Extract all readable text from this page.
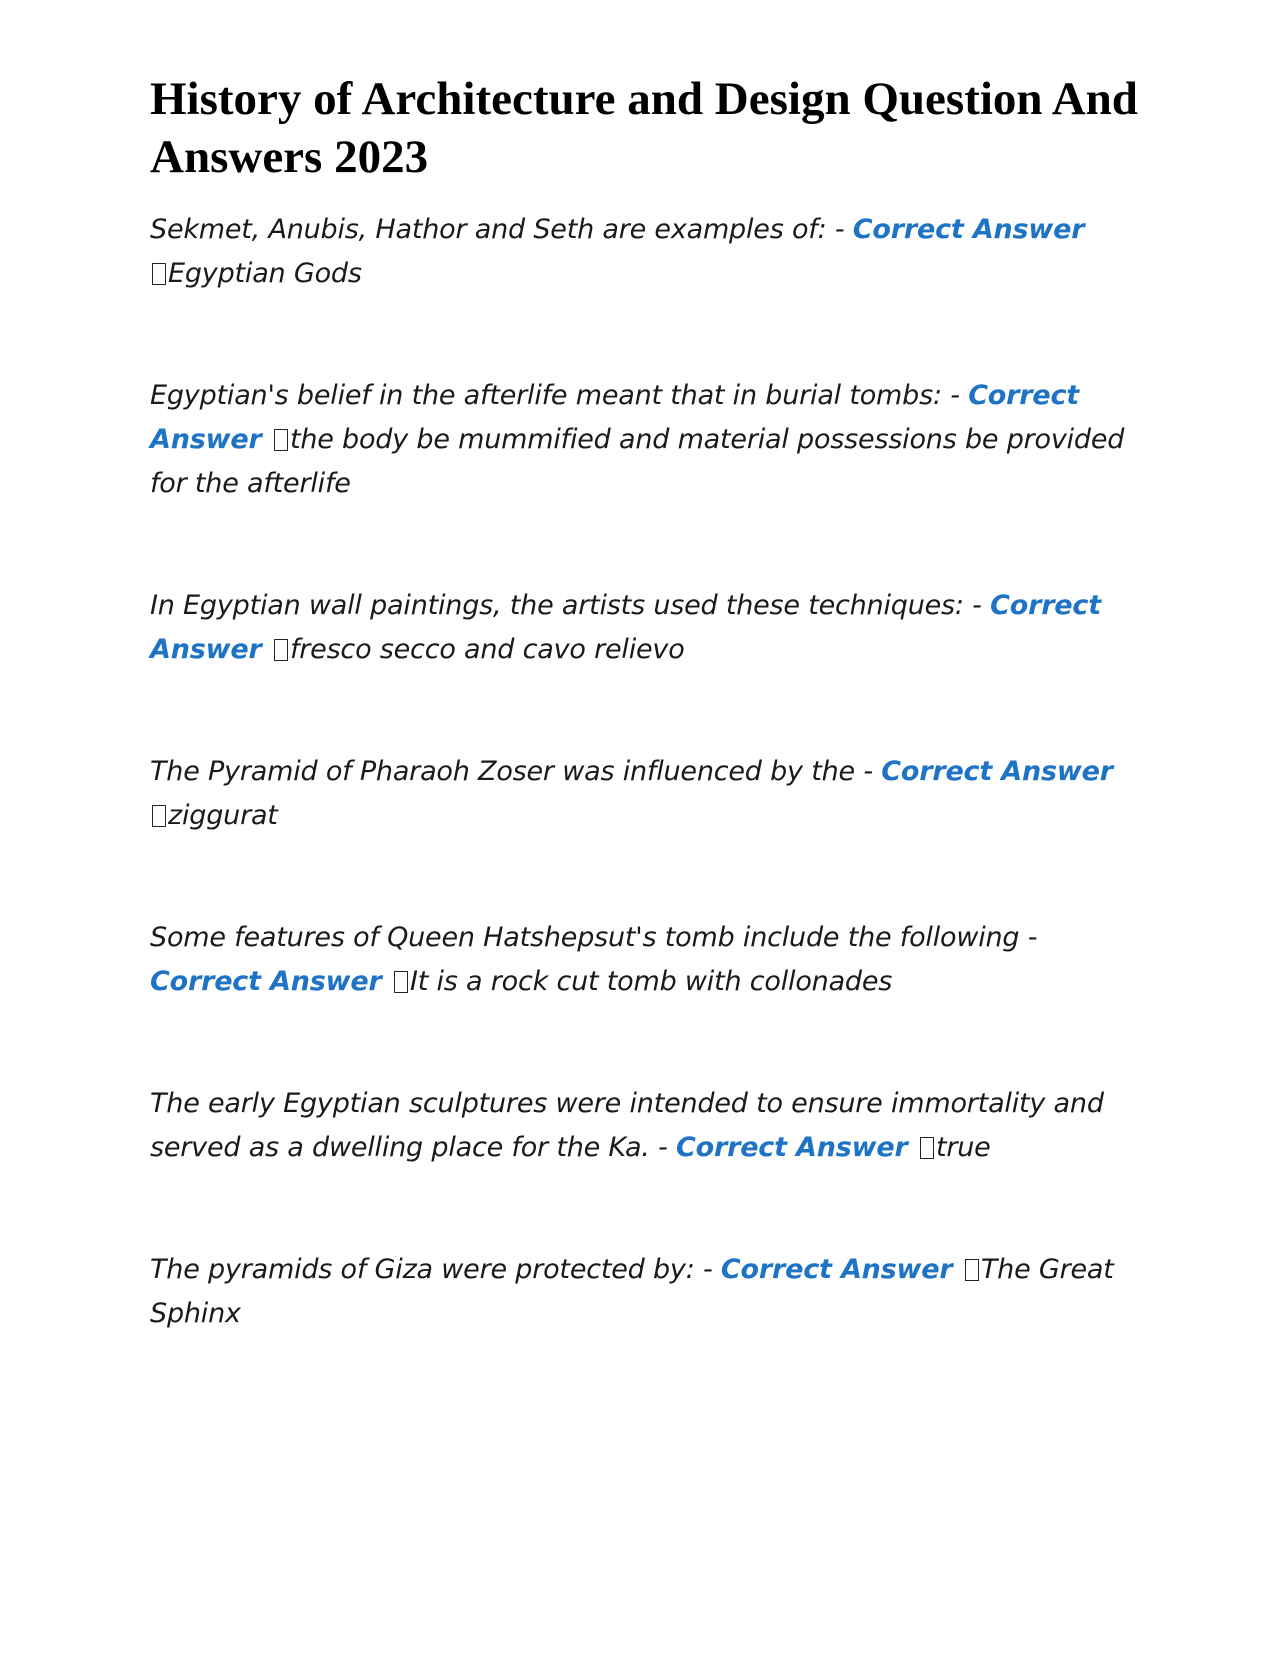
History of Architecture and Design Question And Answers 2023

Sekmet, Anubis, Hathor and Seth are examples of: - Correct Answer
Egyptian Gods

Egyptian's belief in the afterlife meant that in burial tombs: - Correct Answer the body be mummified and material possessions be provided for the afterlife

In Egyptian wall paintings, the artists used these techniques: - Correct Answer fresco secco and cavo relievo

The Pyramid of Pharaoh Zoser was influenced by the - Correct Answer
ziggurat

Some features of Queen Hatshepsut's tomb include the following -
Correct Answer It is a rock cut tomb with collonades

The early Egyptian sculptures were intended to ensure immortality and served as a dwelling place for the Ka. - Correct Answer true

The pyramids of Giza were protected by: - Correct Answer The Great Sphinx
